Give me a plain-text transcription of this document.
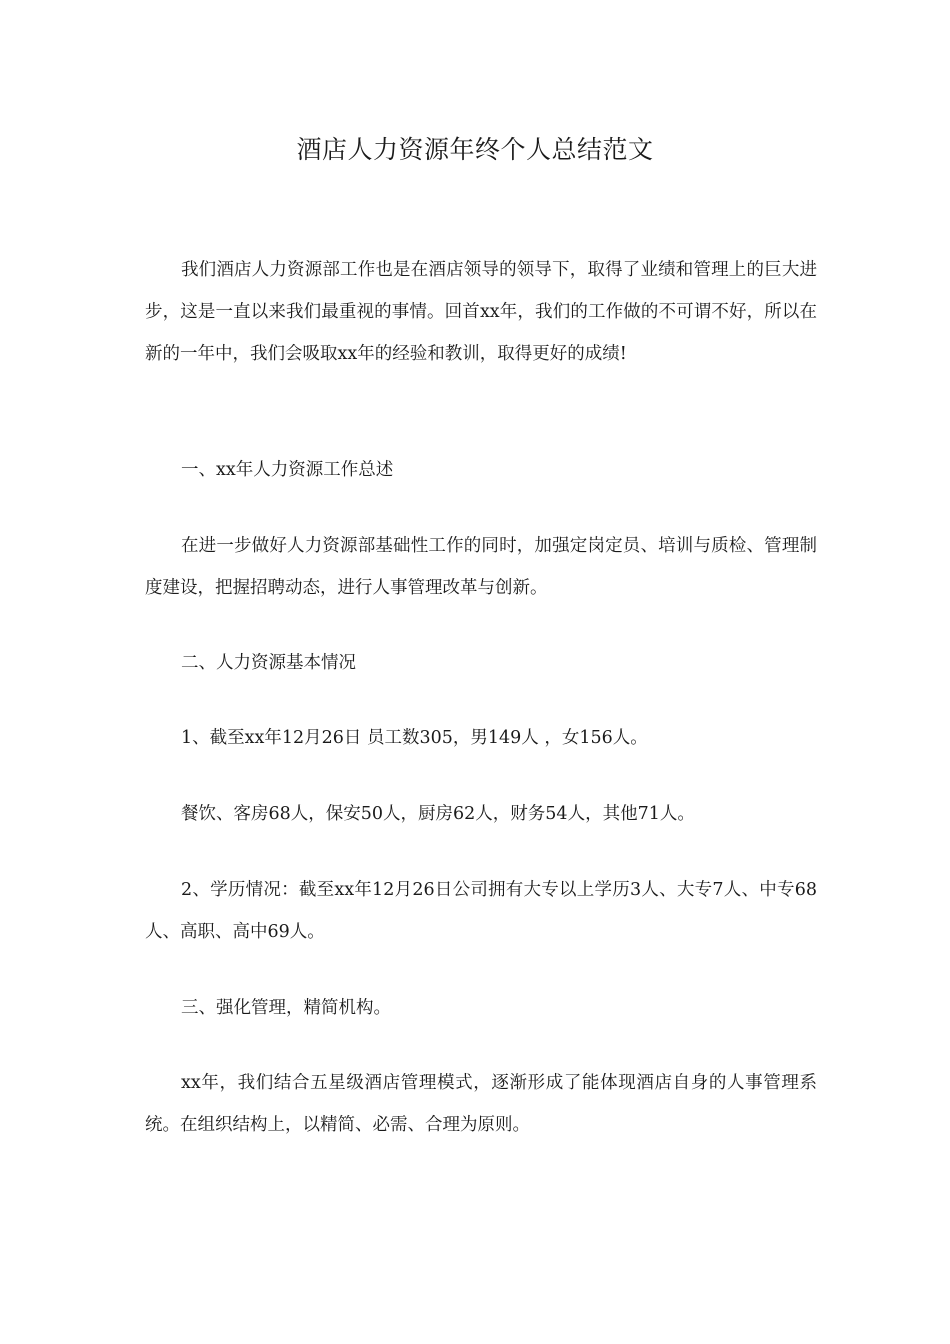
酒店人力资源年终个人总结范文

我们酒店人力资源部工作也是在酒店领导的领导下，取得了业绩和管理上的巨大进步，这是一直以来我们最重视的事情。回首xx年，我们的工作做的不可谓不好，所以在新的一年中，我们会吸取xx年的经验和教训，取得更好的成绩!

一、xx年人力资源工作总述

在进一步做好人力资源部基础性工作的同时，加强定岗定员、培训与质检、管理制度建设，把握招聘动态，进行人事管理改革与创新。

二、人力资源基本情况

1、截至xx年12月26日 员工数305，男149人 ，女156人。

餐饮、客房68人，保安50人，厨房62人，财务54人，其他71人。

2、学历情况：截至xx年12月26日公司拥有大专以上学历3人、大专7人、中专68人、高职、高中69人。

三、强化管理，精简机构。

xx年，我们结合五星级酒店管理模式，逐渐形成了能体现酒店自身的人事管理系统。在组织结构上，以精简、必需、合理为原则。
